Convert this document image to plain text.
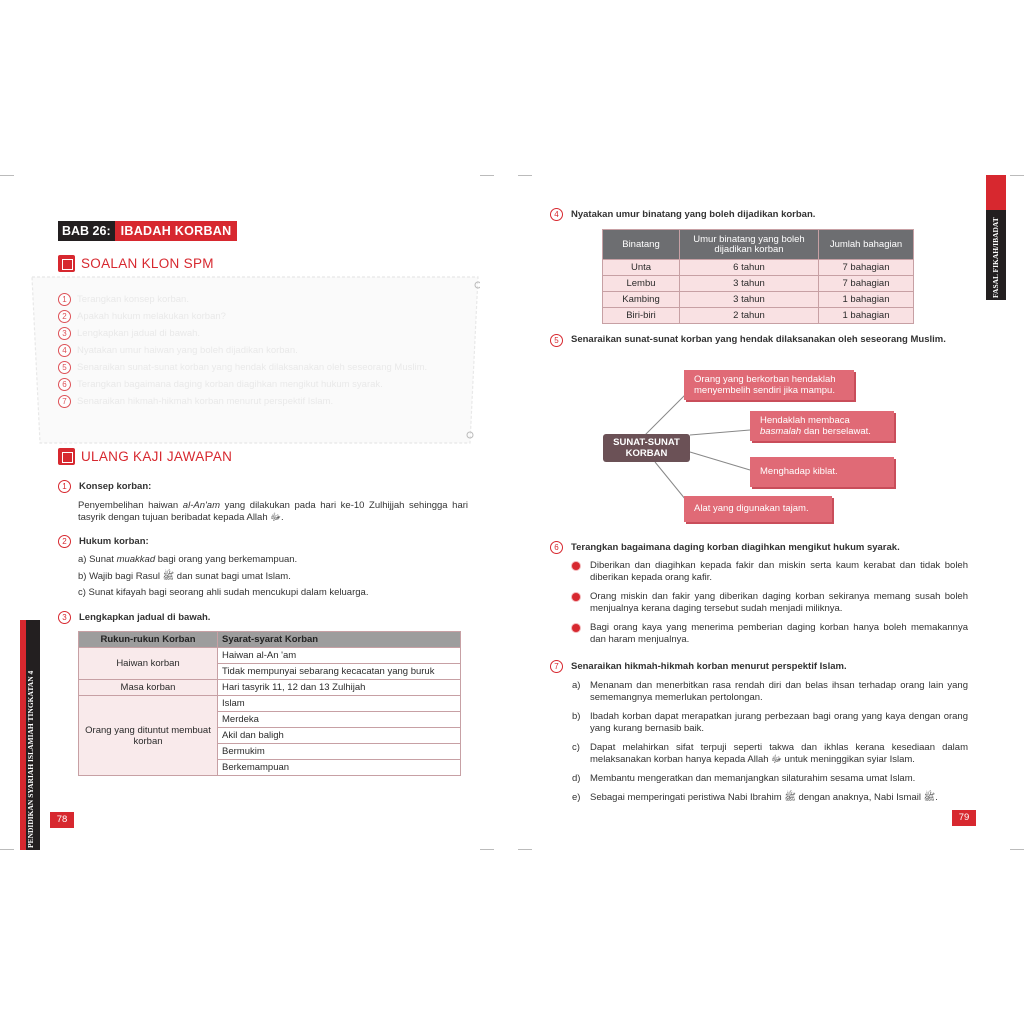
BAB 26: IBADAH KORBAN
SOALAN KLON SPM
1	Terangkan konsep korban.
2	Apakah hukum melakukan korban?
3	Lengkapkan jadual di bawah.
4	Nyatakan umur haiwan yang boleh dijadikan korban.
5	Senaraikan sunat-sunat korban yang hendak dilaksanakan oleh seseorang Muslim.
6	Terangkan bagaimana daging korban diagihkan mengikut hukum syarak.
7	Senaraikan hikmah-hikmah korban menurut perspektif Islam.
ULANG KAJI JAWAPAN
1	Konsep korban:
Penyembelihan haiwan al-An'am yang dilakukan pada hari ke-10 Zulhijjah sehingga hari tasyrik dengan tujuan beribadat kepada Allah ﷻ.
2	Hukum korban:
a) Sunat muakkad bagi orang yang berkemampuan.
b) Wajib bagi Rasul ﷺ dan sunat bagi umat Islam.
c) Sunat kifayah bagi seorang ahli sudah mencukupi dalam keluarga.
3	Lengkapkan jadual di bawah.
Rukun-rukun Korban	Syarat-syarat Korban
Haiwan korban	Haiwan al-An 'am
	Tidak mempunyai sebarang kecacatan yang buruk
Masa korban	Hari tasyrik 11, 12 dan 13 Zulhijah
Orang yang dituntut membuat korban	Islam
	Merdeka
	Akil dan baligh
	Bermukim
	Berkemampuan
PENDIDIKAN SYARIAH ISLAMIAH TINGKATAN 4	78
FASAL FIKAH/IBADAT
4	Nyatakan umur binatang yang boleh dijadikan korban.
Binatang	Umur binatang yang boleh dijadikan korban	Jumlah bahagian
Unta	6 tahun	7 bahagian
Lembu	3 tahun	7 bahagian
Kambing	3 tahun	1 bahagian
Biri-biri	2 tahun	1 bahagian
5	Senaraikan sunat-sunat korban yang hendak dilaksanakan oleh seseorang Muslim.
SUNAT-SUNAT KORBAN
Orang yang berkorban hendaklah menyembelih sendiri jika mampu.
Hendaklah membaca
basmalah dan berselawat.
Menghadap kiblat.
Alat yang digunakan tajam.
6	Terangkan bagaimana daging korban diagihkan mengikut hukum syarak.
Diberikan dan diagihkan kepada fakir dan miskin serta kaum kerabat dan tidak boleh diberikan kepada orang kafir.
Orang miskin dan fakir yang diberikan daging korban sekiranya memang susah boleh menjualnya kerana daging tersebut sudah menjadi miliknya.
Bagi orang kaya yang menerima pemberian daging korban hanya boleh memakannya dan haram menjualnya.
7	Senaraikan hikmah-hikmah korban menurut perspektif Islam.
a) Menanam dan menerbitkan rasa rendah diri dan belas ihsan terhadap orang lain yang sememangnya memerlukan pertolongan.
b) Ibadah korban dapat merapatkan jurang perbezaan bagi orang yang kaya dengan orang yang kurang bernasib baik.
c) Dapat melahirkan sifat terpuji seperti takwa dan ikhlas kerana kesediaan dalam melaksanakan korban hanya kepada Allah ﷻ untuk meninggikan syiar Islam.
d) Membantu mengeratkan dan memanjangkan silaturahim sesama umat Islam.
e) Sebagai memperingati peristiwa Nabi Ibrahim ﷺ dengan anaknya, Nabi Ismail ﷺ.
79
